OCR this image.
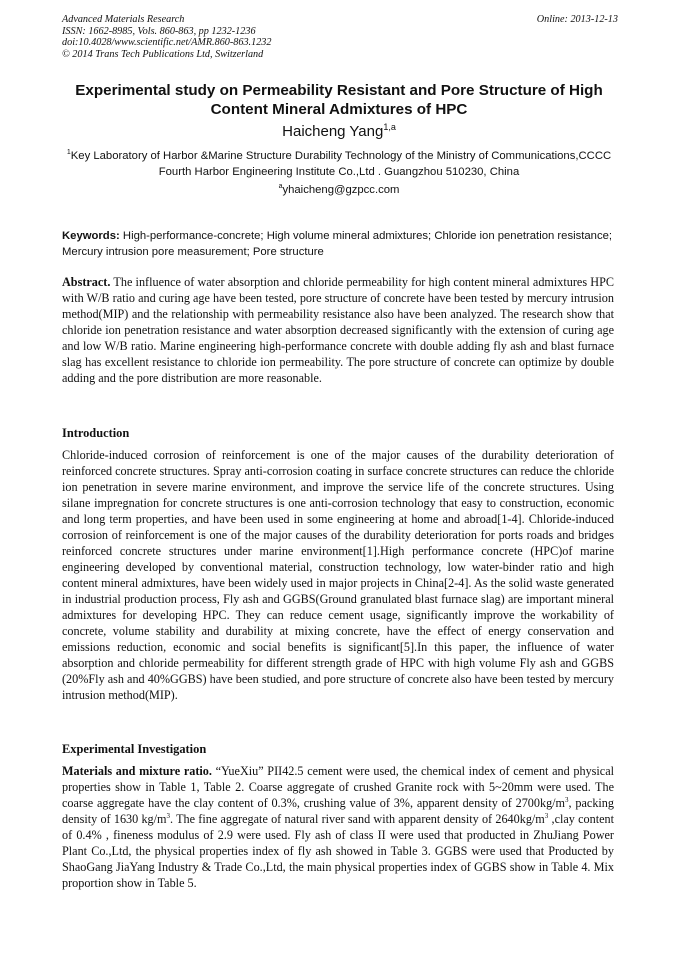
Advanced Materials Research
ISSN: 1662-8985, Vols. 860-863, pp 1232-1236
doi:10.4028/www.scientific.net/AMR.860-863.1232
© 2014 Trans Tech Publications Ltd, Switzerland
Online: 2013-12-13
Experimental study on Permeability Resistant and Pore Structure of High Content Mineral Admixtures of HPC
Haicheng Yang$^{1,a}$
$^1$Key Laboratory of Harbor &Marine Structure Durability Technology of the Ministry of Communications,CCCC Fourth Harbor Engineering Institute Co.,Ltd . Guangzhou 510230, China
$^a$yhaicheng@gzpcc.com
Keywords: High-performance-concrete; High volume mineral admixtures; Chloride ion penetration resistance; Mercury intrusion pore measurement; Pore structure
Abstract. The influence of water absorption and chloride permeability for high content mineral admixtures HPC with W/B ratio and curing age have been tested, pore structure of concrete have been tested by mercury intrusion method(MIP) and the relationship with permeability resistance also have been analyzed. The research show that chloride ion penetration resistance and water absorption decreased significantly with the extension of curing age and low W/B ratio. Marine engineering high-performance concrete with double adding fly ash and blast furnace slag has excellent resistance to chloride ion permeability. The pore structure of concrete can optimize by double adding and the pore distribution are more reasonable.
Introduction
Chloride-induced corrosion of reinforcement is one of the major causes of the durability deterioration of reinforced concrete structures. Spray anti-corrosion coating in surface concrete structures can reduce the chloride ion penetration in severe marine environment, and improve the service life of the concrete structures. Using silane impregnation for concrete structures is one anti-corrosion technology that easy to construction, economic and long term properties, and have been used in some engineering at home and abroad[1-4]. Chloride-induced corrosion of reinforcement is one of the major causes of the durability deterioration for ports roads and bridges reinforced concrete structures under marine environment[1].High performance concrete (HPC)of marine engineering developed by conventional material, construction technology, low water-binder ratio and high content mineral admixtures, have been widely used in major projects in China[2-4]. As the solid waste generated in industrial production process, Fly ash and GGBS(Ground granulated blast furnace slag) are important mineral admixtures for developing HPC. They can reduce cement usage, significantly improve the workability of concrete, volume stability and durability at mixing concrete, have the effect of energy conservation and emissions reduction, economic and social benefits is significant[5].In this paper, the influence of water absorption and chloride permeability for different strength grade of HPC with high volume Fly ash and GGBS (20%Fly ash and 40%GGBS) have been studied, and pore structure of concrete also have been tested by mercury intrusion method(MIP).
Experimental Investigation
Materials and mixture ratio. “YueXiu” PII42.5 cement were used, the chemical index of cement and physical properties show in Table 1, Table 2. Coarse aggregate of crushed Granite rock with 5~20mm were used. The coarse aggregate have the clay content of 0.3%, crushing value of 3%, apparent density of $2700kg/m^3$, packing density of 1630 $kg/m^3$. The fine aggregate of natural river sand with apparent density of $2640kg/m^3$ ,clay content of 0.4% , fineness modulus of 2.9 were used. Fly ash of class II were used that producted in ZhuJiang Power Plant Co.,Ltd, the physical properties index of fly ash showed in Table 3. GGBS were used that Producted by ShaoGang JiaYang Industry & Trade Co.,Ltd, the main physical properties index of GGBS show in Table 4. Mix proportion show in Table 5.
